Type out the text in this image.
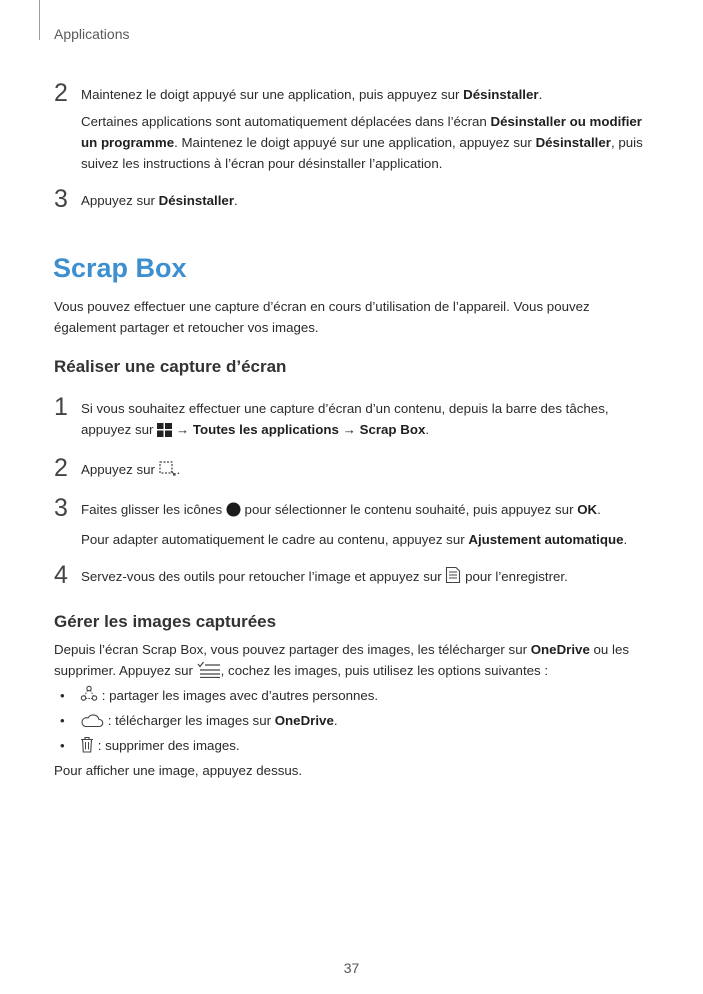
Applications
2 Maintenez le doigt appuyé sur une application, puis appuyez sur Désinstaller.

Certaines applications sont automatiquement déplacées dans l’écran Désinstaller ou modifier un programme. Maintenez le doigt appuyé sur une application, appuyez sur Désinstaller, puis suivez les instructions à l’écran pour désinstaller l’application.

3 Appuyez sur Désinstaller.

Scrap Box

Vous pouvez effectuer une capture d’écran en cours d’utilisation de l’appareil. Vous pouvez également partager et retoucher vos images.

Réaliser une capture d’écran
1 Si vous souhaitez effectuer une capture d’écran d’un contenu, depuis la barre des tâches, appuyez sur  → Toutes les applications → Scrap Box.

2 Appuyez sur .

3 Faites glisser les icônes  pour sélectionner le contenu souhaité, puis appuyez sur OK.

Pour adapter automatiquement le cadre au contenu, appuyez sur Ajustement automatique.

4 Servez-vous des outils pour retoucher l’image et appuyez sur  pour l’enregistrer.

Gérer les images capturées

Depuis l’écran Scrap Box, vous pouvez partager des images, les télécharger sur OneDrive ou les supprimer. Appuyez sur , cochez les images, puis utilisez les options suivantes :

•	: partager les images avec d’autres personnes.
•	: télécharger les images sur OneDrive.
• : supprimer des images.

Pour afficher une image, appuyez dessus.

37
